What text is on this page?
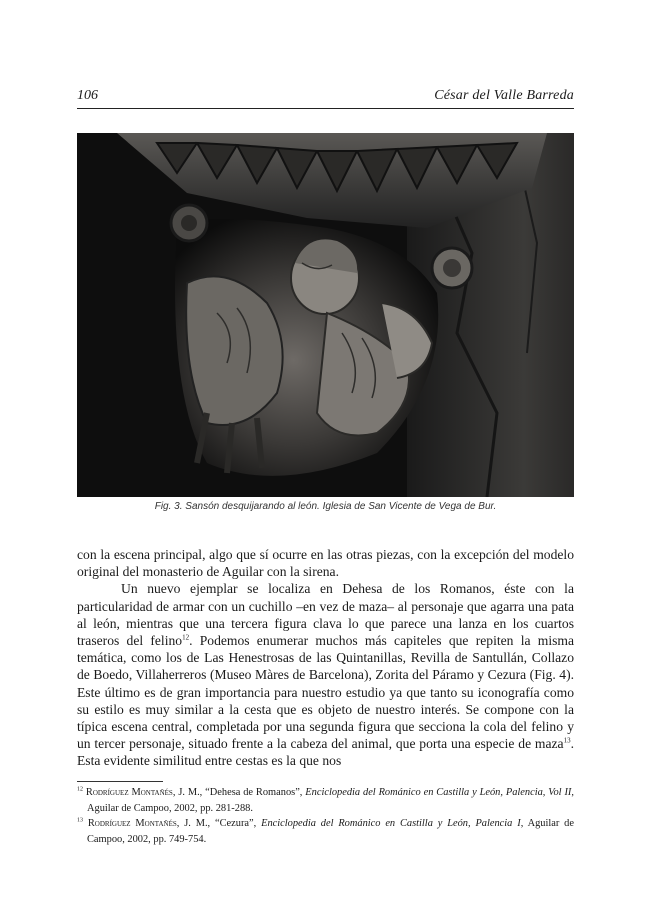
106	César del Valle Barreda
Fig. 3. Sansón desquijarando al león. Iglesia de San Vicente de Vega de Bur.

con la escena principal, algo que sí ocurre en las otras piezas, con la excepción del modelo original del monasterio de Aguilar con la sirena.

Un nuevo ejemplar se localiza en Dehesa de los Romanos, éste con la particularidad de armar con un cuchillo –en vez de maza– al personaje que agarra una pata al león, mientras que una tercera figura clava lo que parece una lanza en los cuartos traseros del felino$^{12}$. Podemos enumerar muchos más capiteles que repiten la misma temática, como los de Las Henestrosas de las Quintanillas, Revilla de Santullán, Collazo de Boedo, Villaherreros (Museo Màres de Barcelona), Zorita del Páramo y Cezura (Fig. 4). Este último es de gran importancia para nuestro estudio ya que tanto su iconografía como su estilo es muy similar a la cesta que es objeto de nuestro interés. Se compone con la típica escena central, completada por una segunda figura que secciona la cola del felino y un tercer personaje, situado frente a la cabeza del animal, que porta una especie de maza$^{13}$. Esta evidente similitud entre cestas es la que nos

$^{12}$ Rodríguez Montañés, J. M., “Dehesa de Romanos”, Enciclopedia del Románico en Castilla y León, Palencia, Vol II, Aguilar de Campoo, 2002, pp. 281-288.
$^{13}$ Rodríguez Montañés, J. M., “Cezura”, Enciclopedia del Románico en Castilla y León, Palencia I, Aguilar de Campoo, 2002, pp. 749-754.
